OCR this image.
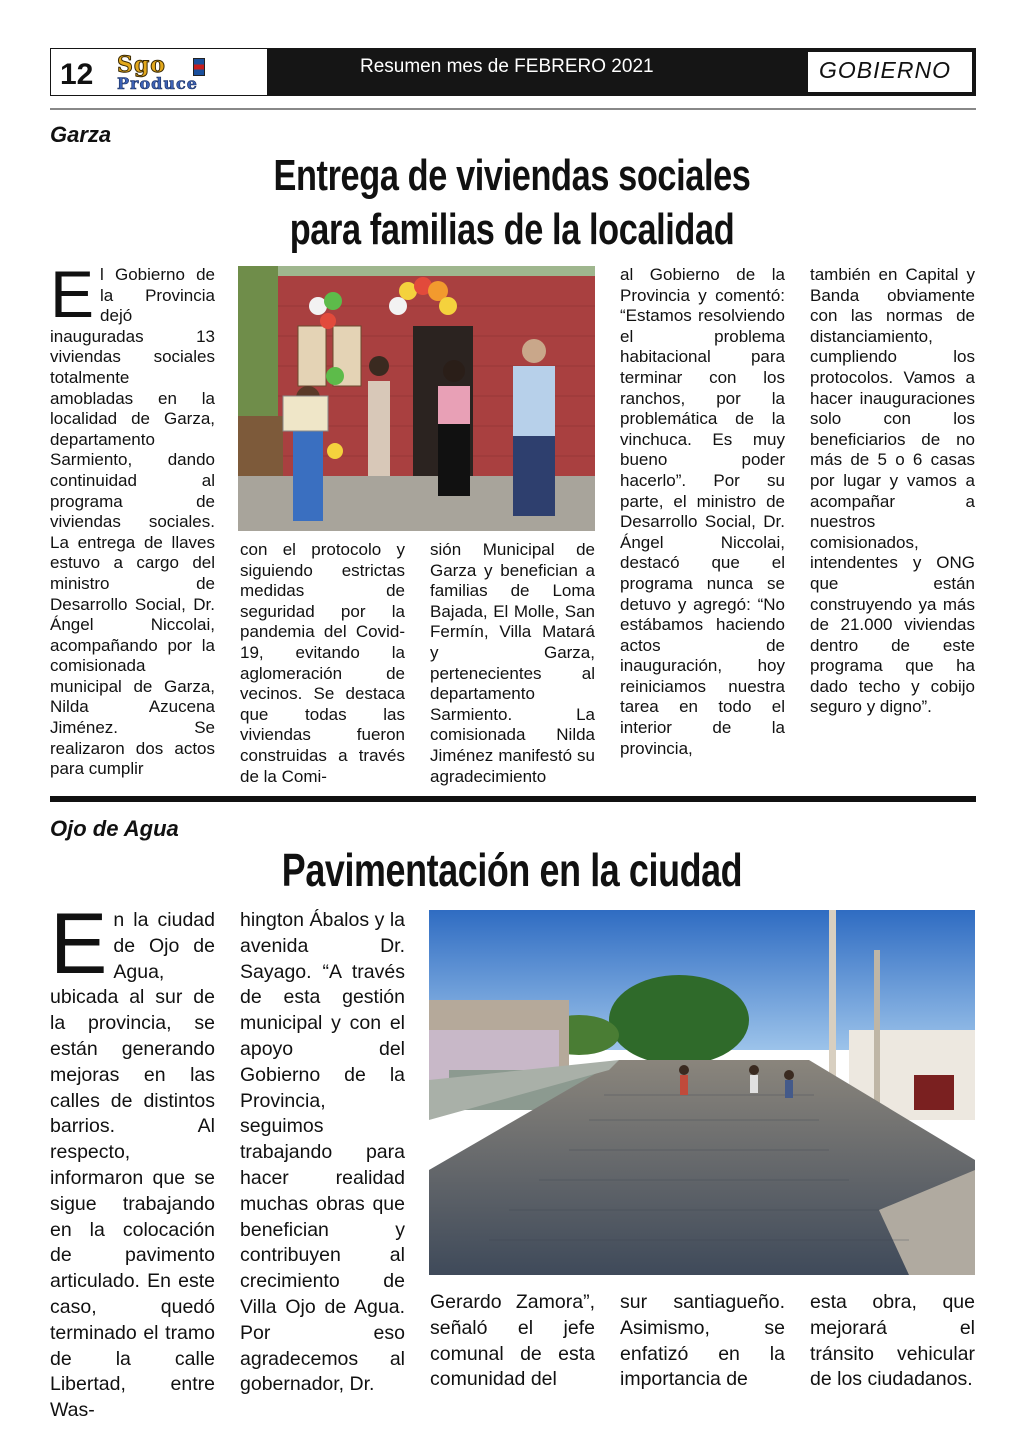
12 Sgo
Produce
Resumen mes de FEBRERO 2021	GOBIERNO
Garza
Entrega de viviendas sociales
para familias de la localidad
El Gobierno de la Provincia dejó inauguradas 13 viviendas sociales totalmente amobladas en la localidad de Garza, departamento Sarmiento, dando continuidad al programa de viviendas sociales. La entrega de llaves estuvo a cargo del ministro de Desarrollo Social, Dr. Ángel Niccolai, acompañando por la comisionada municipal de Garza, Nilda Azucena Jiménez. Se realizaron dos actos para cumplir
con el protocolo y siguiendo estrictas medidas de seguridad por la pandemia del Covid-19, evitando la aglomeración de vecinos. Se destaca que todas las viviendas fueron construidas a través de la Comi-
sión Municipal de Garza y benefician a familias de Loma Bajada, El Molle, San Fermín, Villa Matará y Garza, pertenecientes al departamento Sarmiento. La comisionada Nilda Jiménez manifestó su agradecimiento
al Gobierno de la Provincia y comentó: “Estamos resolviendo el problema habitacional para terminar con los ranchos, por la problemática de la vinchuca. Es muy bueno poder hacerlo”. Por su parte, el ministro de Desarrollo Social, Dr. Ángel Niccolai, destacó que el programa nunca se detuvo y agregó: “No estábamos haciendo actos de inauguración, hoy reiniciamos nuestra tarea en todo el interior de la provincia,
también en Capital y Banda obviamente con las normas de distanciamiento, cumpliendo los protocolos. Vamos a hacer inauguraciones solo con los beneficiarios de no más de 5 o 6 casas por lugar y vamos a acompañar a nuestros comisionados, intendentes y ONG que están construyendo ya más de 21.000 viviendas dentro de este programa que ha dado techo y cobijo seguro y digno”.
Ojo de Agua
Pavimentación en la ciudad
En la ciudad de Ojo de Agua, ubicada al sur de la provincia, se están generando mejoras en las calles de distintos barrios. Al respecto, informaron que se sigue trabajando en la colocación de pavimento articulado. En este caso, quedó terminado el tramo de la calle Libertad, entre Was-
hington Ábalos y la avenida Dr. Sayago. “A través de esta gestión municipal y con el apoyo del Gobierno de la Provincia, seguimos trabajando para hacer realidad muchas obras que benefician y contribuyen al crecimiento de Villa Ojo de Agua. Por eso agradecemos al gobernador, Dr.
Gerardo Zamora”, señaló el jefe comunal de esta comunidad del
sur santiagueño. Asimismo, se enfatizó en la importancia de
esta obra, que mejorará el tránsito vehicular de los ciudadanos.
